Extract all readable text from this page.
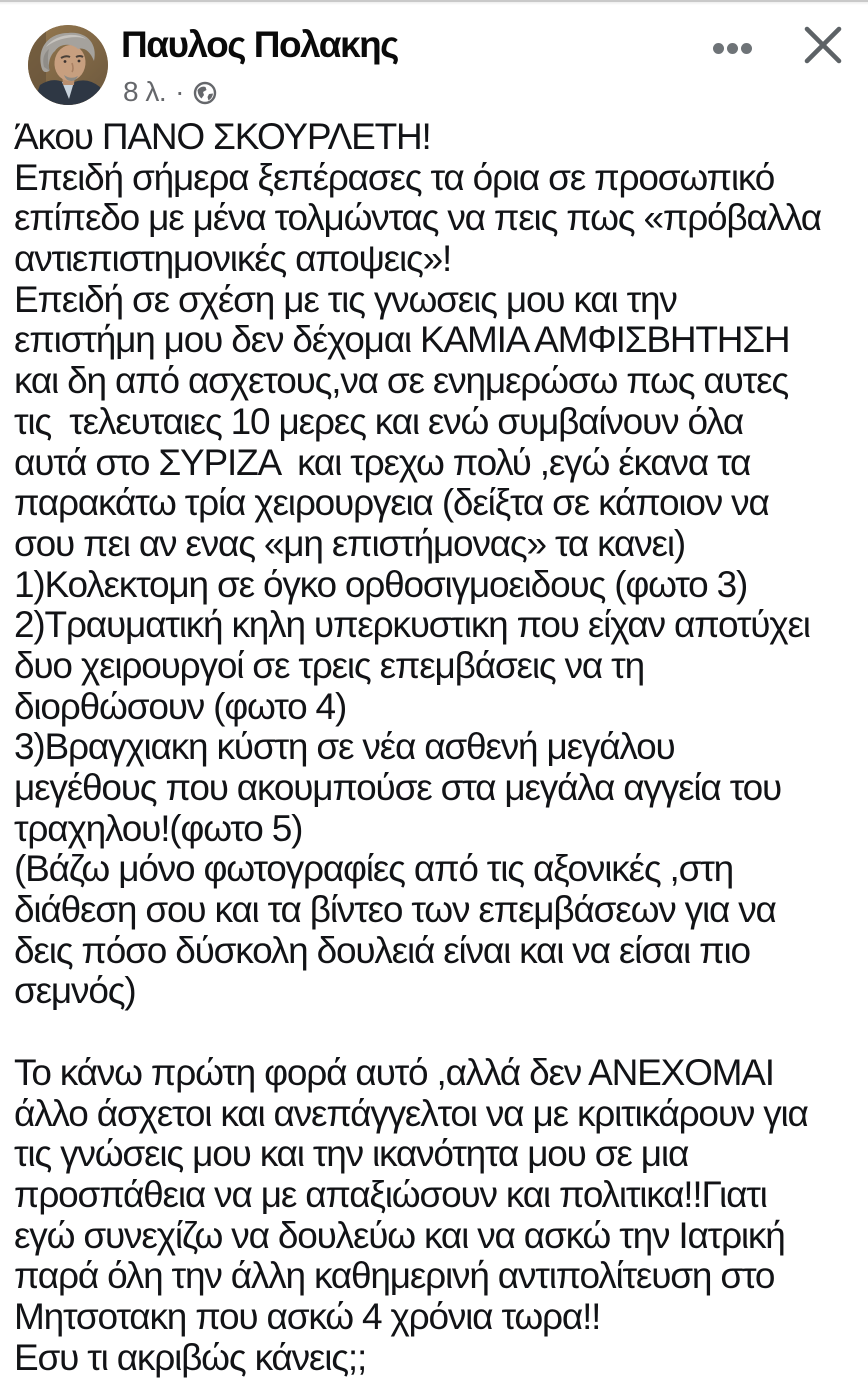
Παυλος Πολακης
8 λ. ·
Άκου ΠΑΝΟ ΣΚΟΥΡΛΕΤΗ!
Επειδή σήμερα ξεπέρασες τα όρια σε προσωπικό
επίπεδο με μένα τολμώντας να πεις πως «πρόβαλλα
αντιεπιστημονικές αποψεις»!
Επειδή σε σχέση με τις γνωσεις μου και την
επιστήμη μου δεν δέχομαι ΚΑΜΙΑ ΑΜΦΙΣΒΗΤΗΣΗ
και δη από ασχετους,να σε ενημερώσω πως αυτες
τις  τελευταιες 10 μερες και ενώ συμβαίνουν όλα
αυτά στο ΣΥΡΙΖΑ  και τρεχω πολύ ,εγώ έκανα τα
παρακάτω τρία χειρουργεια (δείξτα σε κάποιον να
σου πει αν ενας «μη επιστήμονας» τα κανει)
1)Κολεκτομη σε όγκο ορθοσιγμοειδους (φωτο 3)
2)Τραυματική κηλη υπερκυστικη που είχαν αποτύχει
δυο χειρουργοί σε τρεις επεμβάσεις να τη
διορθώσουν (φωτο 4)
3)Βραγχιακη κύστη σε νέα ασθενή μεγάλου
μεγέθους που ακουμπούσε στα μεγάλα αγγεία του
τραχηλου!(φωτο 5)
(Βάζω μόνο φωτογραφίες από τις αξονικές ,στη
διάθεση σου και τα βίντεο των επεμβάσεων για να
δεις πόσο δύσκολη δουλειά είναι και να είσαι πιο
σεμνός)
Το κάνω πρώτη φορά αυτό ,αλλά δεν ΑΝΕΧΟΜΑΙ
άλλο άσχετοι και ανεπάγγελτοι να με κριτικάρουν για
τις γνώσεις μου και την ικανότητα μου σε μια
προσπάθεια να με απαξιώσουν και πολιτικα!!Γιατι
εγώ συνεχίζω να δουλεύω και να ασκώ την Ιατρική
παρά όλη την άλλη καθημερινή αντιπολίτευση στο
Μητσοτακη που ασκώ 4 χρόνια τωρα!!
Εσυ τι ακριβώς κάνεις;;
